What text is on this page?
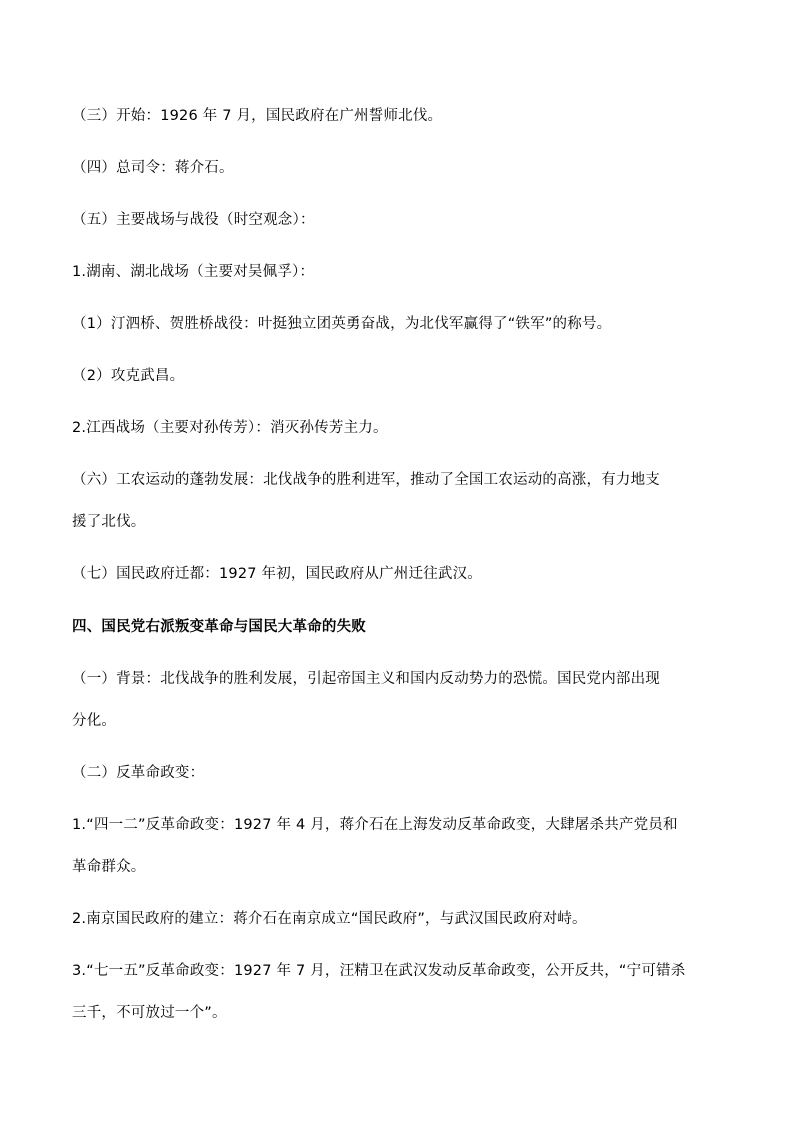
（三）开始：1926 年 7 月，国民政府在广州誓师北伐。
（四）总司令：蒋介石。
（五）主要战场与战役（时空观念）：
1.湖南、湖北战场（主要对吴佩孚）：
（1）汀泗桥、贺胜桥战役：叶挺独立团英勇奋战，为北伐军赢得了“铁军”的称号。
（2）攻克武昌。
2.江西战场（主要对孙传芳）：消灭孙传芳主力。
（六）工农运动的蓬勃发展：北伐战争的胜利进军，推动了全国工农运动的高涨，有力地支
援了北伐。
（七）国民政府迁都：1927 年初，国民政府从广州迁往武汉。
四、国民党右派叛变革命与国民大革命的失败
（一）背景：北伐战争的胜利发展，引起帝国主义和国内反动势力的恐慌。国民党内部出现
分化。
（二）反革命政变：
1.“四一二”反革命政变：1927 年 4 月，蒋介石在上海发动反革命政变，大肆屠杀共产党员和
革命群众。
2.南京国民政府的建立：蒋介石在南京成立“国民政府”，与武汉国民政府对峙。
3.“七一五”反革命政变：1927 年 7 月，汪精卫在武汉发动反革命政变，公开反共，“宁可错杀
三千，不可放过一个”。
